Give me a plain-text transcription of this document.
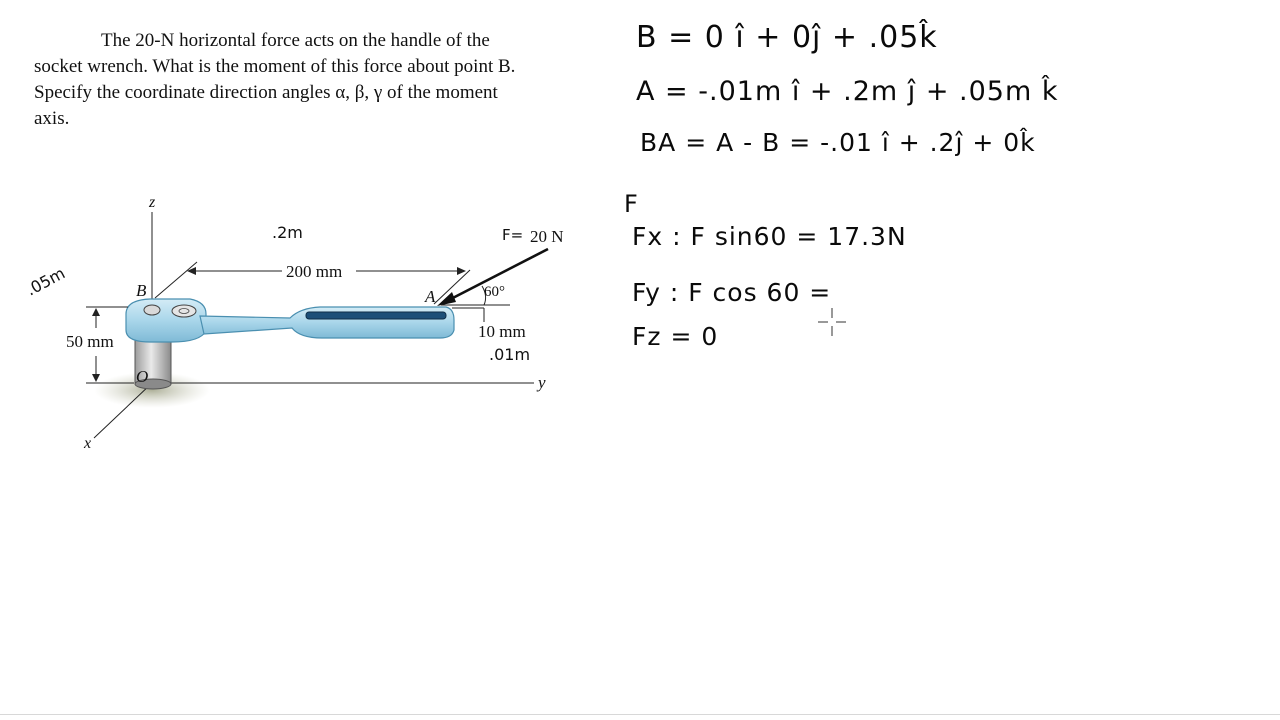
The 20-N horizontal force acts on the handle of the
socket wrench. What is the moment of this force about point B.
Specify the coordinate direction angles α, β, γ of the moment
axis.
z
y
x
O
50 mm
200 mm
B	A	60°
20 N
10 mm
.2m
.05m
.01m
F=
B = 0 î + 0ĵ + .05k̂
A = -.01m î + .2m ĵ + .05m k̂
BA = A - B = -.01 î + .2ĵ + 0k̂
F
Fx : F sin60 = 17.3N
Fy : F cos 60 =
Fz = 0
